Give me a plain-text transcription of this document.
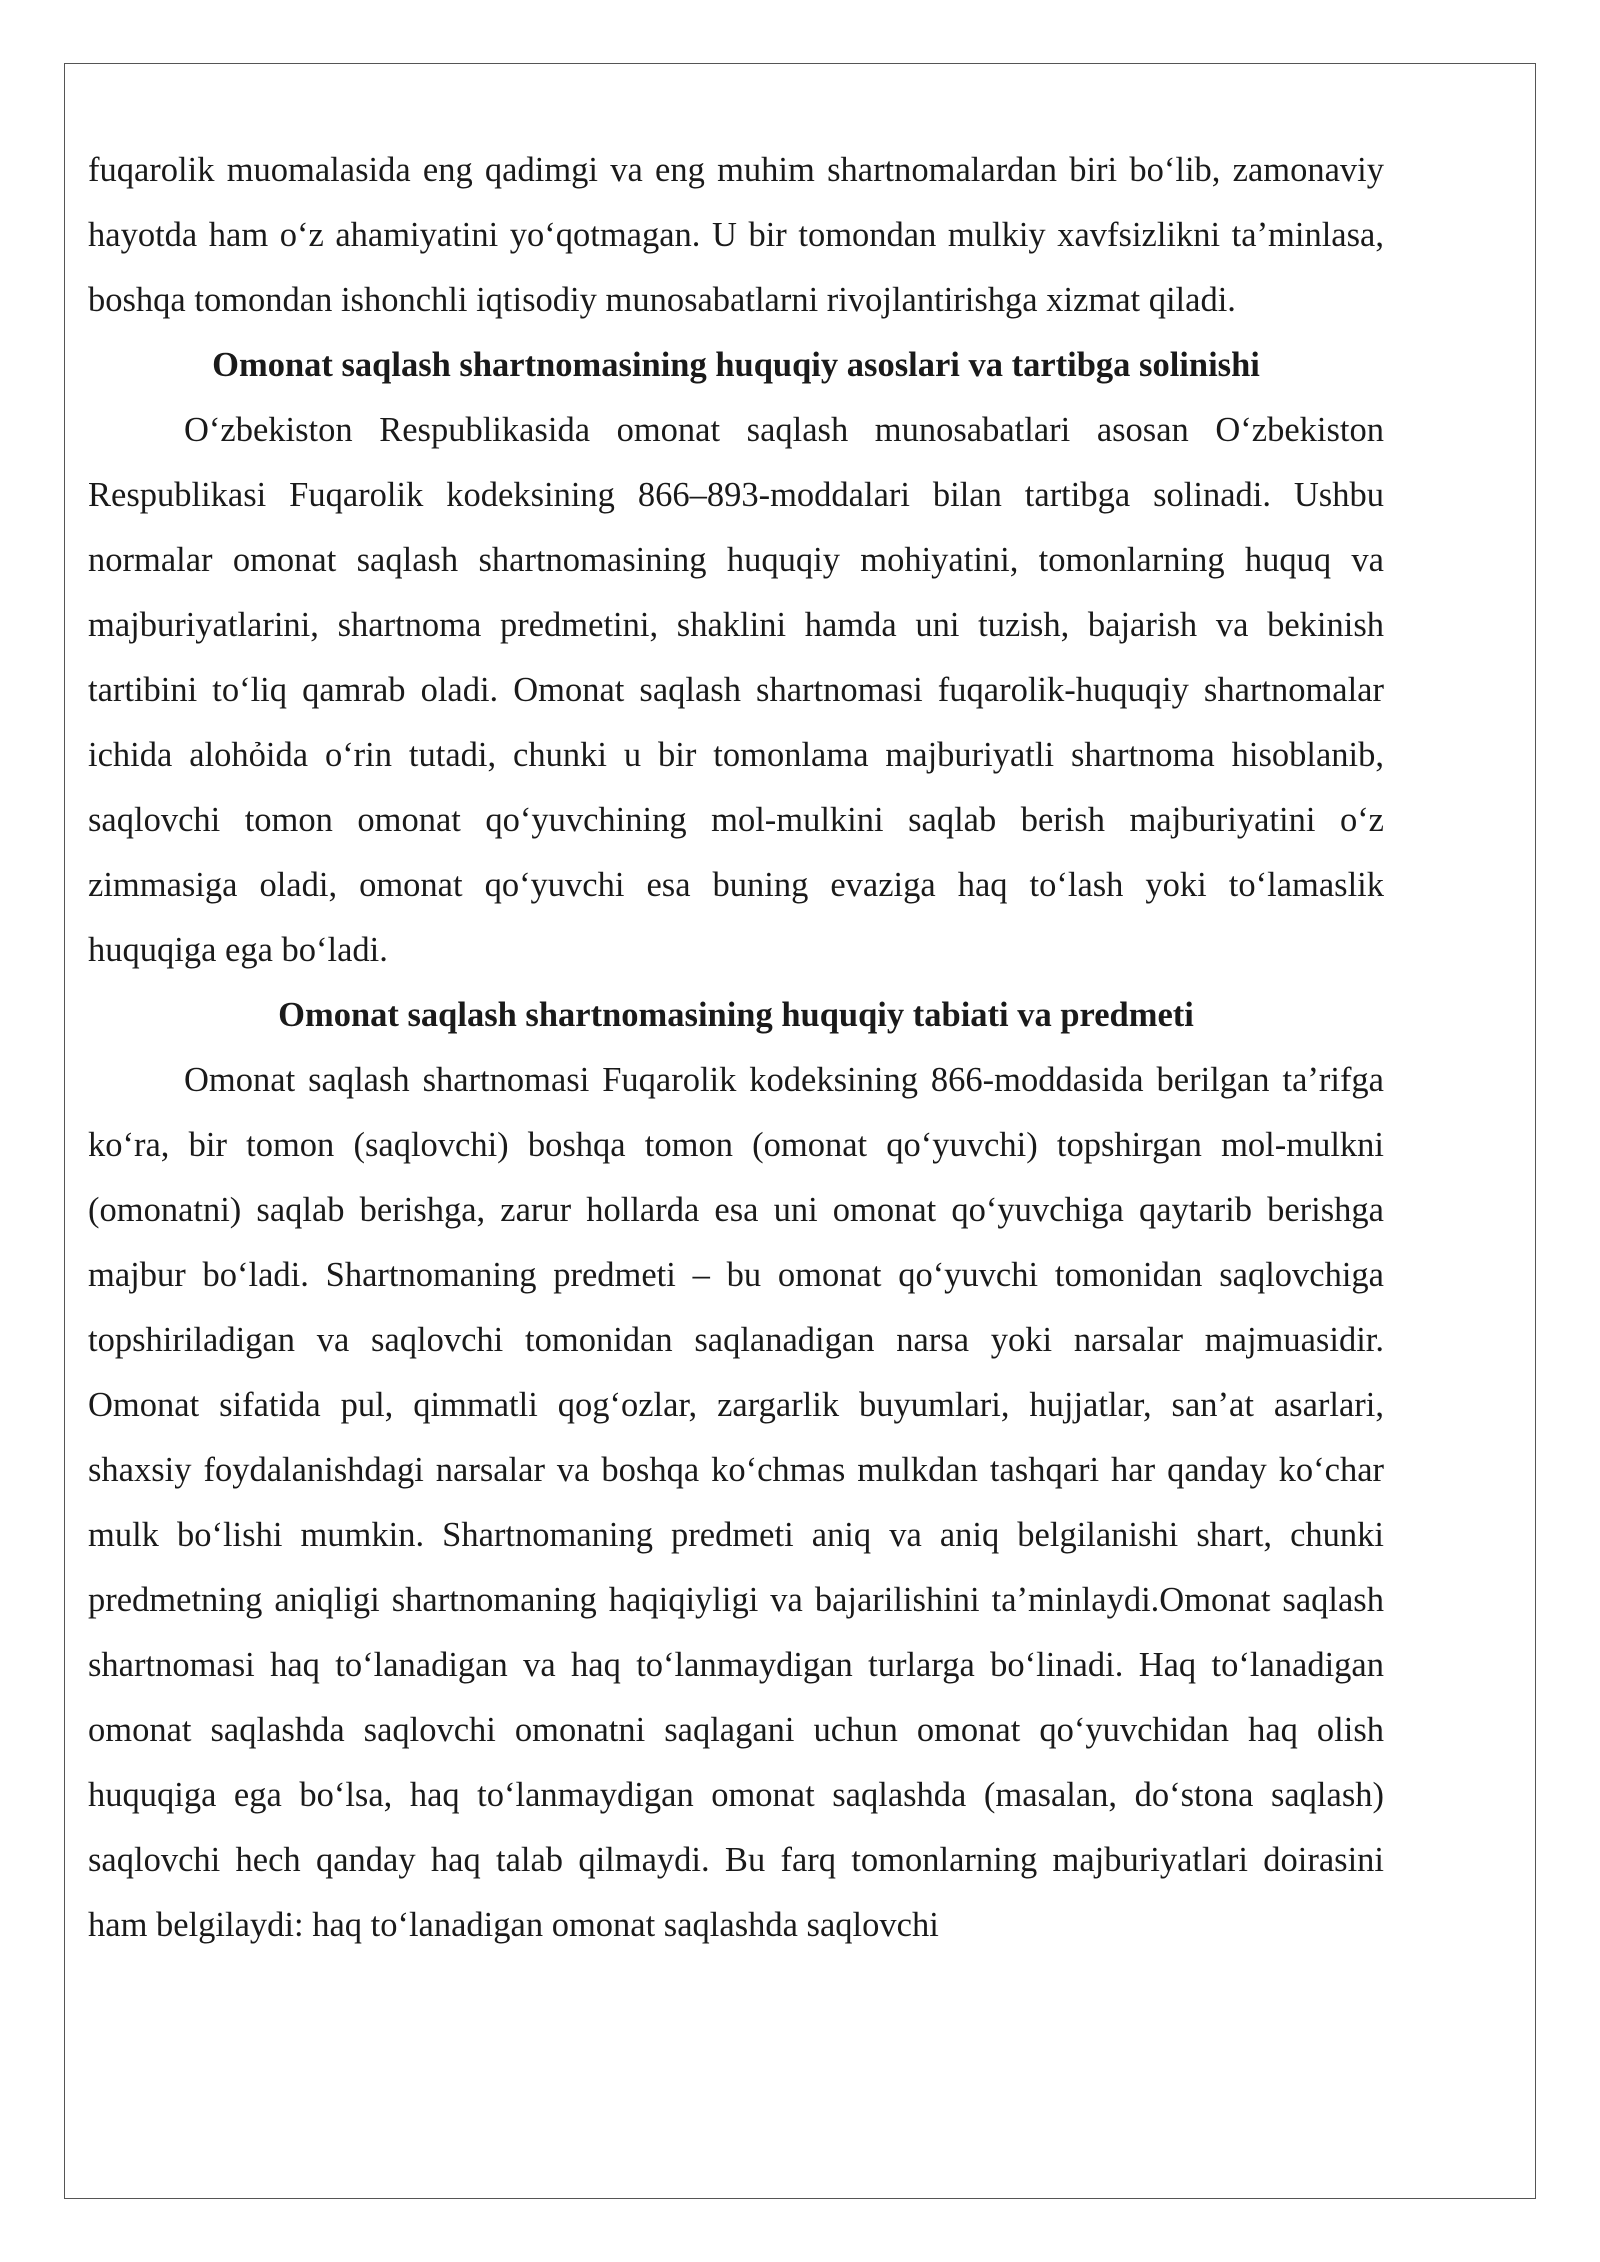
fuqarolik muomalasida eng qadimgi va eng muhim shartnomalardan biri boʻlib, zamonaviy hayotda ham oʻz ahamiyatini yoʻqotmagan. U bir tomondan mulkiy xavfsizlikni taʼminlasa, boshqa tomondan ishonchli iqtisodiy munosabatlarni rivojlantirishga xizmat qiladi.

Omonat saqlash shartnomasining huquqiy asoslari va tartibga solinishi

Oʻzbekiston Respublikasida omonat saqlash munosabatlari asosan Oʻzbekiston Respublikasi Fuqarolik kodeksining 866–893-moddalari bilan tartibga solinadi. Ushbu normalar omonat saqlash shartnomasining huquqiy mohiyatini, tomonlarning huquq va majburiyatlarini, shartnoma predmetini, shaklini hamda uni tuzish, bajarish va bekinish tartibini toʻliq qamrab oladi. Omonat saqlash shartnomasi fuqarolik-huquqiy shartnomalar ichida alohỏida oʻrin tutadi, chunki u bir tomonlama majburiyatli shartnoma hisoblanib, saqlovchi tomon omonat qoʻyuvchining mol-mulkini saqlab berish majburiyatini oʻz zimmasiga oladi, omonat qoʻyuvchi esa buning evaziga haq toʻlash yoki toʻlamaslik huquqiga ega boʻladi.

Omonat saqlash shartnomasining huquqiy tabiati va predmeti

Omonat saqlash shartnomasi Fuqarolik kodeksining 866-moddasida berilgan taʼrifga koʻra, bir tomon (saqlovchi) boshqa tomon (omonat qoʻyuvchi) topshirgan mol-mulkni (omonatni) saqlab berishga, zarur hollarda esa uni omonat qoʻyuvchiga qaytarib berishga majbur boʻladi. Shartnomaning predmeti – bu omonat qoʻyuvchi tomonidan saqlovchiga topshiriladigan va saqlovchi tomonidan saqlanadigan narsa yoki narsalar majmuasidir. Omonat sifatida pul, qimmatli qogʻozlar, zargarlik buyumlari, hujjatlar, sanʼat asarlari, shaxsiy foydalanishdagi narsalar va boshqa koʻchmas mulkdan tashqari har qanday koʻchar mulk boʻlishi mumkin. Shartnomaning predmeti aniq va aniq belgilanishi shart, chunki predmetning aniqligi shartnomaning haqiqiyligi va bajarilishini taʼminlaydi.Omonat saqlash shartnomasi haq toʻlanadigan va haq toʻlanmaydigan turlarga boʻlinadi. Haq toʻlanadigan omonat saqlashda saqlovchi omonatni saqlagani uchun omonat qoʻyuvchidan haq olish huquqiga ega boʻlsa, haq toʻlanmaydigan omonat saqlashda (masalan, doʻstona saqlash) saqlovchi hech qanday haq talab qilmaydi. Bu farq tomonlarning majburiyatlari doirasini ham belgilaydi: haq toʻlanadigan omonat saqlashda saqlovchi
